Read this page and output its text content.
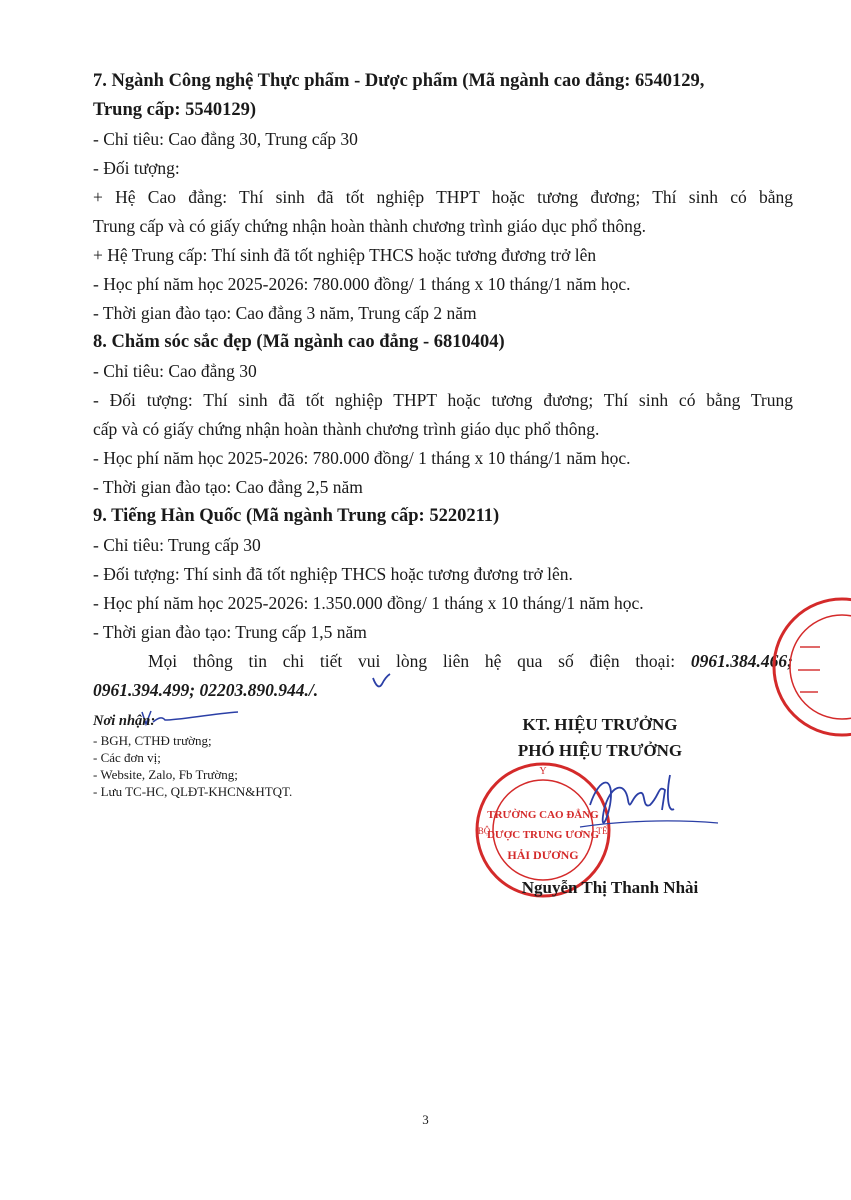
7. Ngành Công nghệ Thực phẩm - Dược phẩm (Mã ngành cao đẳng: 6540129,
Trung cấp: 5540129)
- Chỉ tiêu: Cao đẳng 30, Trung cấp 30
- Đối tượng:
+ Hệ Cao đẳng: Thí sinh đã tốt nghiệp THPT hoặc tương đương; Thí sinh có bằng
Trung cấp và có giấy chứng nhận hoàn thành chương trình giáo dục phổ thông.
+ Hệ Trung cấp: Thí sinh đã tốt nghiệp THCS hoặc tương đương trở lên
- Học phí năm học 2025-2026: 780.000 đồng/ 1 tháng x 10 tháng/1 năm học.
- Thời gian đào tạo: Cao đẳng 3 năm, Trung cấp 2 năm
8. Chăm sóc sắc đẹp (Mã ngành cao đẳng - 6810404)
- Chỉ tiêu: Cao đẳng 30
- Đối tượng: Thí sinh đã tốt nghiệp THPT hoặc tương đương; Thí sinh có bằng Trung
cấp và có giấy chứng nhận hoàn thành chương trình giáo dục phổ thông.
- Học phí năm học 2025-2026: 780.000 đồng/ 1 tháng x 10 tháng/1 năm học.
- Thời gian đào tạo: Cao đẳng 2,5 năm
9. Tiếng Hàn Quốc (Mã ngành Trung cấp: 5220211)
- Chỉ tiêu: Trung cấp 30
- Đối tượng: Thí sinh đã tốt nghiệp THCS hoặc tương đương trở lên.
- Học phí năm học 2025-2026: 1.350.000 đồng/ 1 tháng x 10 tháng/1 năm học.
- Thời gian đào tạo: Trung cấp 1,5 năm
Mọi thông tin chi tiết vui lòng liên hệ qua số điện thoại: 0961.384.466;
0961.394.499; 02203.890.944./.
Nơi nhận:
- BGH, CTHĐ trường;
- Các đơn vị;
- Website, Zalo, Fb Trường;
- Lưu TC-HC, QLĐT-KHCN&HTQT.
KT. HIỆU TRƯỞNG
PHÓ HIỆU TRƯỞNG
Y
BỘ	TẾ
TRƯỜNG CAO ĐẲNG
DƯỢC TRUNG ƯƠNG
HẢI DƯƠNG
Nguyễn Thị Thanh Nhài
3
